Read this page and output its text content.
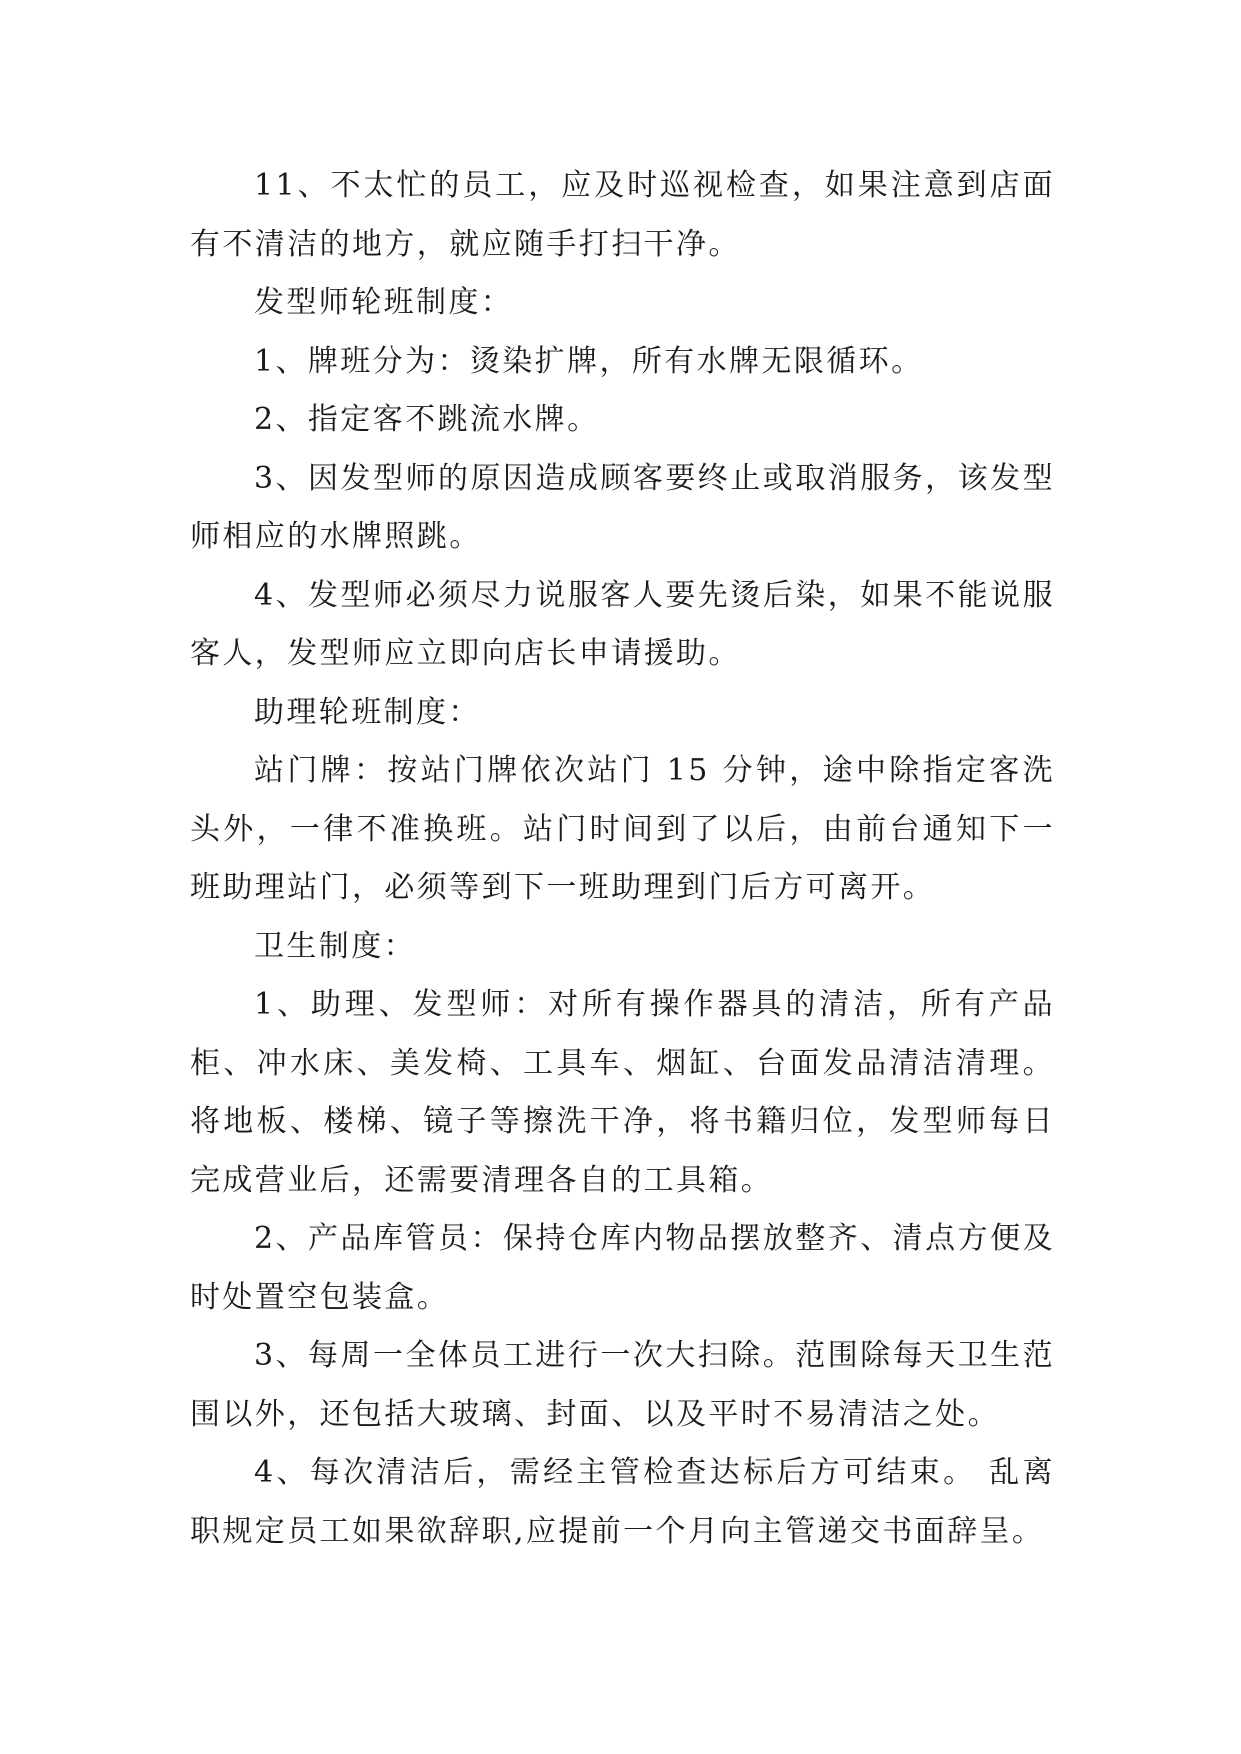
11、不太忙的员工，应及时巡视检查，如果注意到店面有不清洁的地方，就应随手打扫干净。

发型师轮班制度：

1、牌班分为：烫染扩牌，所有水牌无限循环。

2、指定客不跳流水牌。

3、因发型师的原因造成顾客要终止或取消服务，该发型师相应的水牌照跳。

4、发型师必须尽力说服客人要先烫后染，如果不能说服客人，发型师应立即向店长申请援助。

助理轮班制度：

站门牌：按站门牌依次站门 15 分钟，途中除指定客洗头外，一律不准换班。站门时间到了以后，由前台通知下一班助理站门，必须等到下一班助理到门后方可离开。

卫生制度：

1、助理、发型师：对所有操作器具的清洁，所有产品柜、冲水床、美发椅、工具车、烟缸、台面发品清洁清理。将地板、楼梯、镜子等擦洗干净，将书籍归位，发型师每日完成营业后，还需要清理各自的工具箱。

2、产品库管员：保持仓库内物品摆放整齐、清点方便及时处置空包装盒。

3、每周一全体员工进行一次大扫除。范围除每天卫生范围以外，还包括大玻璃、封面、以及平时不易清洁之处。

4、每次清洁后，需经主管检查达标后方可结束。 乱离职规定员工如果欲辞职,应提前一个月向主管递交书面辞呈。
